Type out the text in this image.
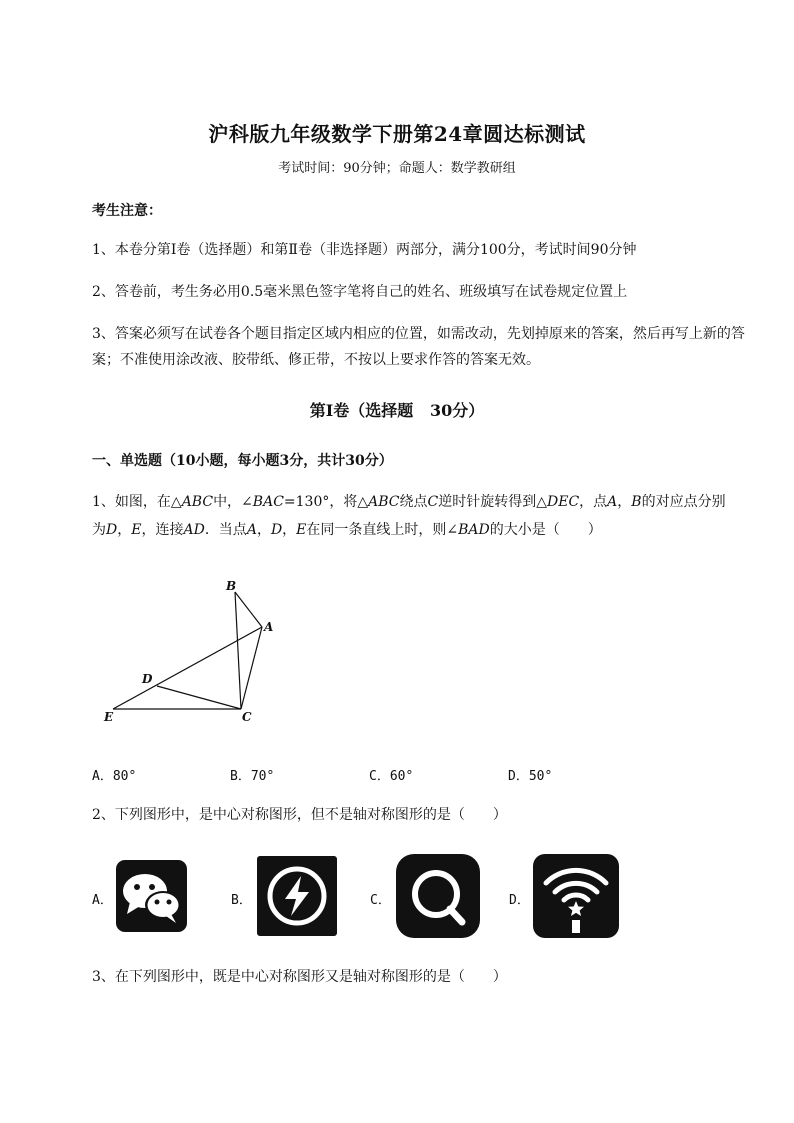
沪科版九年级数学下册第24章圆达标测试
考试时间：90分钟；命题人：数学教研组
考生注意：
1、本卷分第I卷（选择题）和第Ⅱ卷（非选择题）两部分，满分100分，考试时间90分钟
2、答卷前，考生务必用0.5毫米黑色签字笔将自己的姓名、班级填写在试卷规定位置上
3、答案必须写在试卷各个题目指定区域内相应的位置，如需改动，先划掉原来的答案，然后再写上新的答案；不准使用涂改液、胶带纸、修正带，不按以上要求作答的答案无效。
第I卷（选择题   30分）
一、单选题（10小题，每小题3分，共计30分）
1、如图，在△ABC中，∠BAC=130°，将△ABC绕点C逆时针旋转得到△DEC，点A，B的对应点分别
为D，E，连接AD．当点A，D，E在同一条直线上时，则∠BAD的大小是（　　）
B
A
D
E	C
A．80°	B．70°	C．60°	D．50°
2、下列图形中，是中心对称图形，但不是轴对称图形的是（　　）
A．	B．	C．	D．
3、在下列图形中，既是中心对称图形又是轴对称图形的是（　　）
